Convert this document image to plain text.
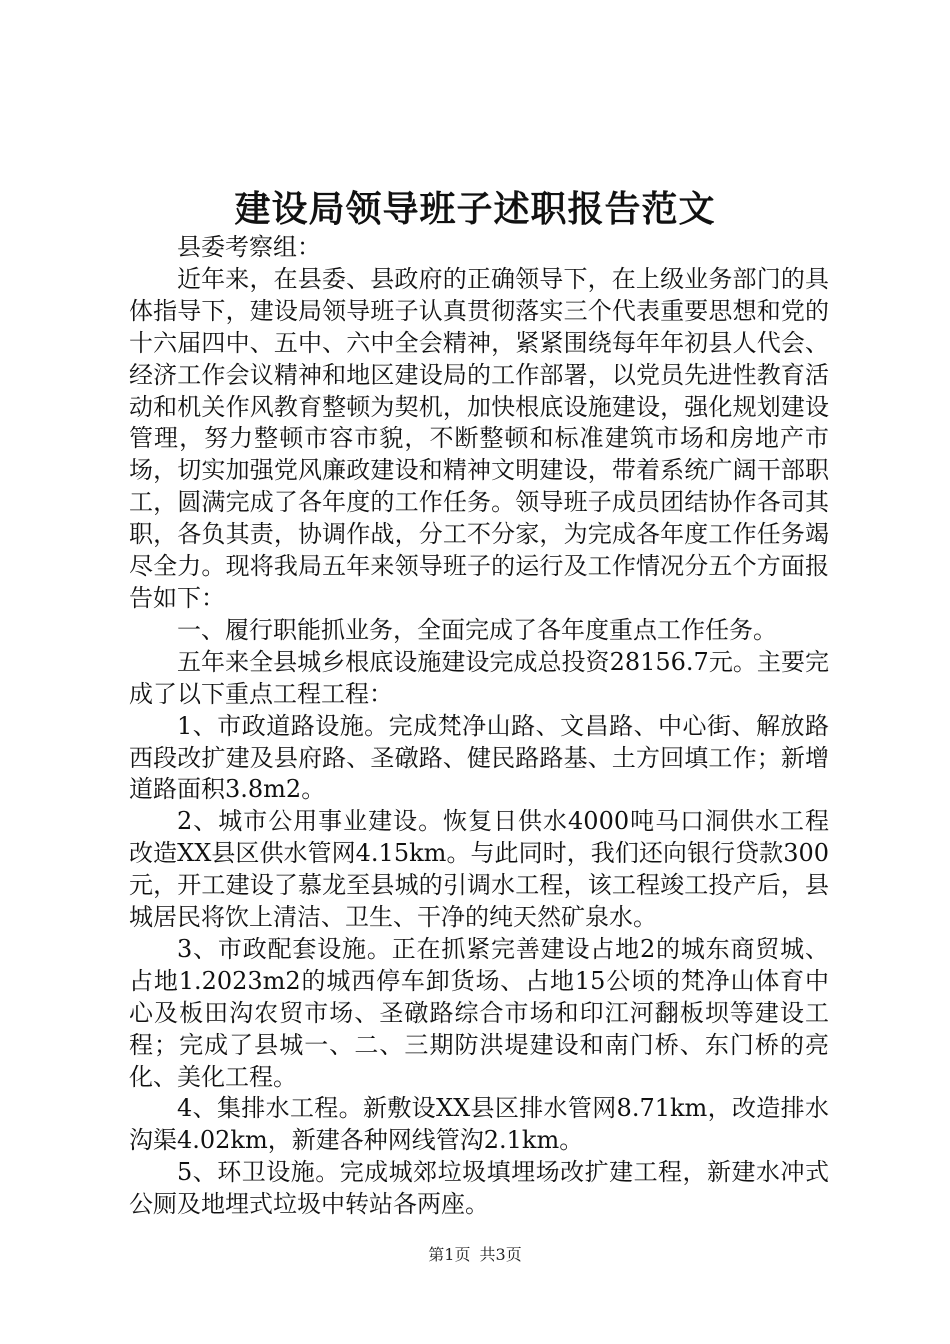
建设局领导班子述职报告范文

县委考察组：

近年来，在县委、县政府的正确领导下，在上级业务部门的具体指导下，建设局领导班子认真贯彻落实三个代表重要思想和党的十六届四中、五中、六中全会精神，紧紧围绕每年年初县人代会、经济工作会议精神和地区建设局的工作部署，以党员先进性教育活动和机关作风教育整顿为契机，加快根底设施建设，强化规划建设管理，努力整顿市容市貌，不断整顿和标准建筑市场和房地产市场，切实加强党风廉政建设和精神文明建设，带着系统广阔干部职工，圆满完成了各年度的工作任务。领导班子成员团结协作各司其职，各负其责，协调作战，分工不分家，为完成各年度工作任务竭尽全力。现将我局五年来领导班子的运行及工作情况分五个方面报告如下：

一、履行职能抓业务，全面完成了各年度重点工作任务。

五年来全县城乡根底设施建设完成总投资28156.7元。主要完成了以下重点工程工程：

1、市政道路设施。完成梵净山路、文昌路、中心街、解放路西段改扩建及县府路、圣礅路、健民路路基、土方回填工作；新增道路面积3.8m2。

2、城市公用事业建设。恢复日供水4000吨马口洞供水工程改造XX县区供水管网4.15km。与此同时，我们还向银行贷款300元，开工建设了慕龙至县城的引调水工程，该工程竣工投产后，县城居民将饮上清洁、卫生、干净的纯天然矿泉水。

3、市政配套设施。正在抓紧完善建设占地2的城东商贸城、占地1.2023m2的城西停车卸货场、占地15公顷的梵净山体育中心及板田沟农贸市场、圣礅路综合市场和印江河翻板坝等建设工程；完成了县城一、二、三期防洪堤建设和南门桥、东门桥的亮化、美化工程。

4、集排水工程。新敷设XX县区排水管网8.71km，改造排水沟渠4.02km，新建各种网线管沟2.1km。

5、环卫设施。完成城郊垃圾填埋场改扩建工程，新建水冲式公厕及地埋式垃圾中转站各两座。

第1页 共3页
